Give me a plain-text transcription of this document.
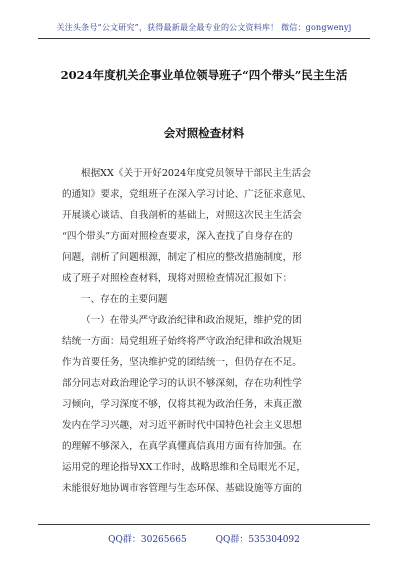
关注头条号“公文研究”，获得最新最全最专业的公文资料库！ 微信：gongwenyj
2024年度机关企事业单位领导班子“四个带头”民主生活
会对照检查材料
根据XX《关于开好2024年度党员领导干部民主生活会
的通知》要求，党组班子在深入学习讨论、广泛征求意见、
开展谈心谈话、自我剖析的基础上，对照这次民主生活会
“四个带头”方面对照检查要求，深入查找了自身存在的
问题，剖析了问题根源，制定了相应的整改措施制度，形
成了班子对照检查材料，现将对照检查情况汇报如下：
一、存在的主要问题
（一）在带头严守政治纪律和政治规矩，维护党的团
结统一方面：局党组班子始终将严守政治纪律和政治规矩
作为首要任务，坚决维护党的团结统一，但仍存在不足。
部分同志对政治理论学习的认识不够深刻，存在功利性学
习倾向，学习深度不够，仅将其视为政治任务，未真正激
发内在学习兴趣，对习近平新时代中国特色社会主义思想
的理解不够深入，在真学真懂真信真用方面有待加强。在
运用党的理论指导XX工作时，战略思维和全局眼光不足，
未能很好地协调市容管理与生态环保、基础设施等方面的
QQ群：30265665	QQ群：535304092
